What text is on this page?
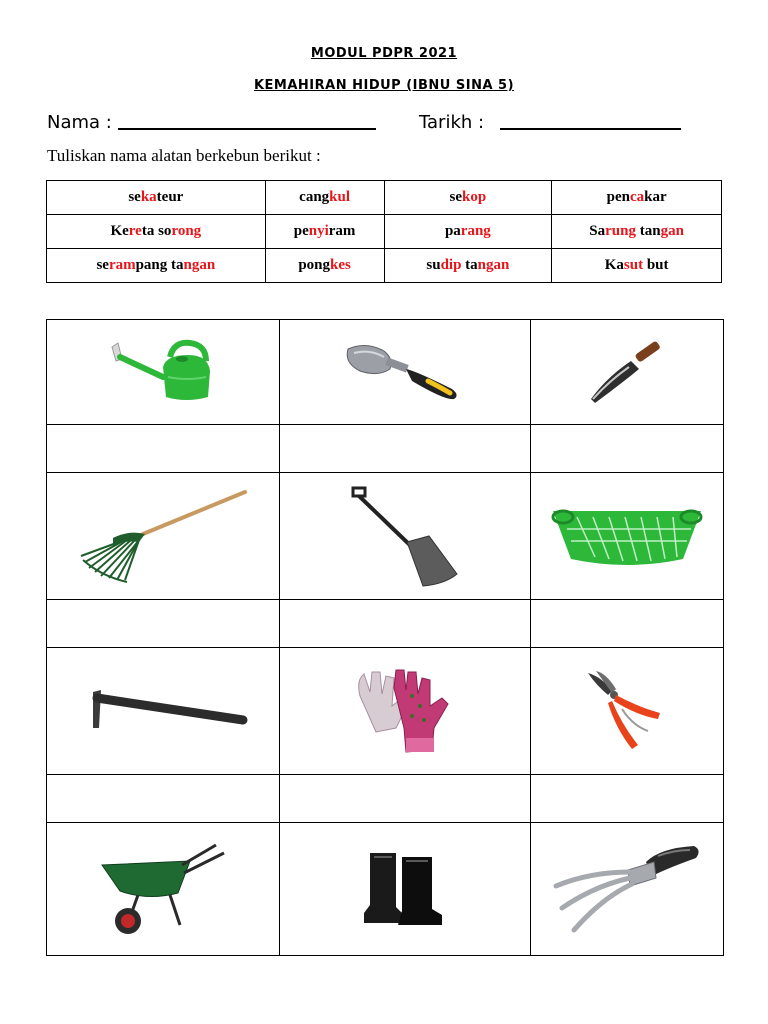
MODUL PDPR 2021
KEMAHIRAN HIDUP (IBNU SINA 5)
Nama :	Tarikh :
Tuliskan nama alatan berkebun berikut :
sekateur	cangkul	sekop	pencakar
Kereta sorong	penyiram	parang	Sarung tangan
serampang tangan	pongkes	sudip tangan	Kasut but
